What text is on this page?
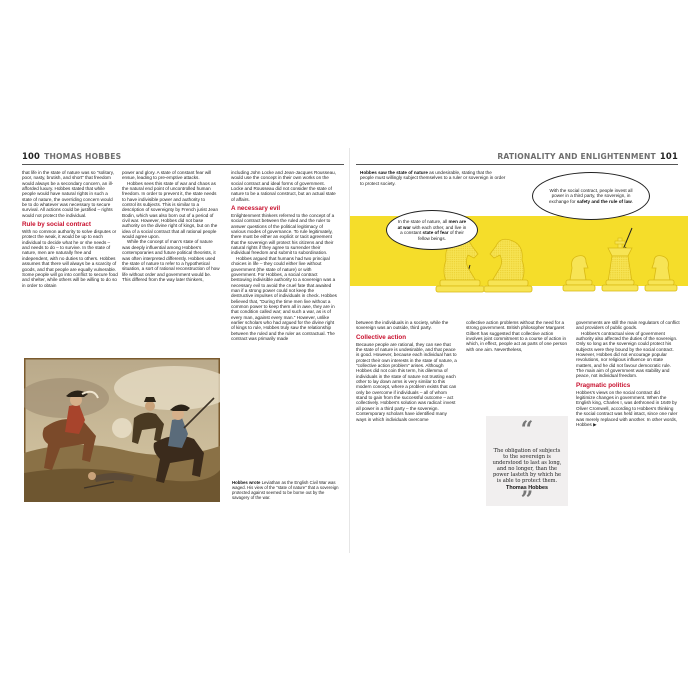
100 THOMAS HOBBES

that life in the state of nature was so "solitary, poor, nasty, brutish, and short" that freedom would always be a secondary concern, an ill-afforded luxury. Hobbes stated that while people would have natural rights in such a state of nature, the overriding concern would be to do whatever was necessary to secure survival. All actions could be justified – rights would not protect the individual.

Rule by social contract

With no common authority to solve disputes or protect the weak, it would be up to each individual to decide what he or she needs – and needs to do – to survive. In the state of nature, men are naturally free and independent, with no duties to others. Hobbes assumes that there will always be a scarcity of goods, and that people are equally vulnerable. Some people will go into conflict to secure food and shelter, while others will be willing to do so in order to obtain

power and glory. A state of constant fear will ensue, leading to pre-emptive attacks.

Hobbes sees this state of war and chaos as the natural end point of uncontrolled human freedom. In order to prevent it, the state needs to have indivisible power and authority to control its subjects. This is similar to a description of sovereignty by French jurist Jean Bodin, which was also born out of a period of civil war. However, Hobbes did not base authority on the divine right of kings, but on the idea of a social contract that all rational people would agree upon.

While the concept of man's state of nature was deeply influential among Hobbes's contemporaries and future political theorists, it was often interpreted differently. Hobbes used the state of nature to refer to a hypothetical situation, a sort of rational reconstruction of how life without order and government would be. This differed from the way later thinkers,

including John Locke and Jean-Jacques Rousseau, would use the concept in their own works on the social contract and ideal forms of government. Locke and Rousseau did not consider the state of nature to be a rational construct, but an actual state of affairs.

A necessary evil

Enlightenment thinkers referred to the concept of a social contract between the ruled and the ruler to answer questions of the political legitimacy of various modes of governance. To rule legitimately, there must be either an explicit or tacit agreement that the sovereign will protect his citizens and their natural rights if they agree to surrender their individual freedom and submit to subordination.

Hobbes argued that humans had two principal choices in life – they could either live without government (the state of nature) or with government. For Hobbes, a social contract bestowing indivisible authority to a sovereign was a necessary evil to avoid the cruel fate that awaited man if a strong power could not keep the destructive impulses of individuals in check. Hobbes believed that, "During the time men live without a common power to keep them all in awe, they are in that condition called war; and such a war, as is of every man, against every man." However, unlike earlier scholars who had argued for the divine right of kings to rule, Hobbes truly saw the relationship between the ruled and the ruler as contractual. The contract was primarily made

Hobbes wrote Leviathan as the English Civil War was waged. His view of the "state of nature" that a sovereign protected against seemed to be borne out by the savagery of the war.
RATIONALITY AND ENLIGHTENMENT 101
Hobbes saw the state of nature as undesirable, stating that the people must willingly subject themselves to a ruler or sovereign in order to protect society.
In the state of nature, all men are at war with each other, and live in a constant state of fear of their fellow beings.
With the social contract, people invest all power in a third party, the sovereign, in exchange for safety and the rule of law.

between the individuals in a society, while the sovereign was an outside, third party.

Collective action

Because people are rational, they can see that the state of nature is undesirable, and that peace is good. However, because each individual has to protect their own interests in the state of nature, a "collective action problem" arises. Although Hobbes did not coin this term, his dilemma of individuals in the state of nature not trusting each other to lay down arms is very similar to this modern concept, where a problem exists that can only be overcome if individuals – all of whom stand to gain from the successful outcome – act collectively. Hobbes's solution was radical: invest all power in a third party – the sovereign. Contemporary scholars have identified many ways in which individuals overcome

collective action problems without the need for a strong government. British philosopher Margaret Gilbert has suggested that collective action involves joint commitment to a course of action in which, in effect, people act as parts of one person with one aim. Nevertheless,

“
The obligation of subjects to the sovereign is understood to last as long, and no longer, than the power lasteth by which he is able to protect them.
Thomas Hobbes
”

governments are still the main regulators of conflict and providers of public goods.

Hobbes's contractual view of government authority also affected the duties of the sovereign. Only so long as the sovereign could protect his subjects were they bound by the social contract. However, Hobbes did not encourage popular revolutions, nor religious influence on state matters, and he did not favour democratic rule. The main aim of government was stability and peace, not individual freedom.

Pragmatic politics

Hobbes's views on the social contract did legitimize changes in government. When the English king, Charles I, was dethroned in 1649 by Oliver Cromwell, according to Hobbes's thinking the social contract was held intact, since one ruler was merely replaced with another. In other words, Hobbes ▶
